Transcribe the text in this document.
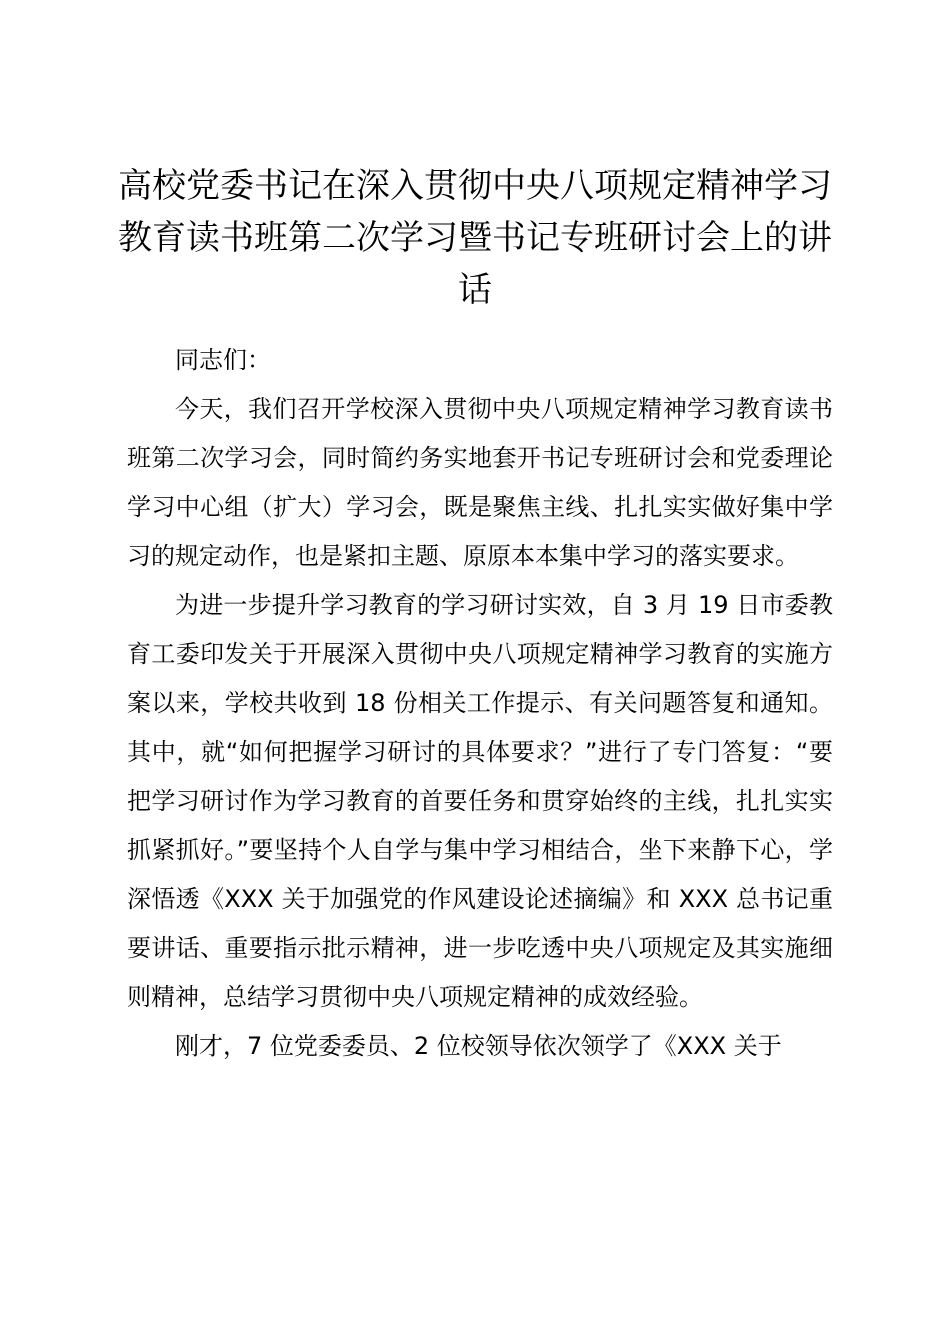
高校党委书记在深入贯彻中央八项规定精神学习教育读书班第二次学习暨书记专班研讨会上的讲话

同志们：

今天，我们召开学校深入贯彻中央八项规定精神学习教育读书班第二次学习会，同时简约务实地套开书记专班研讨会和党委理论学习中心组（扩大）学习会，既是聚焦主线、扎扎实实做好集中学习的规定动作，也是紧扣主题、原原本本集中学习的落实要求。

为进一步提升学习教育的学习研讨实效，自 3 月 19 日市委教育工委印发关于开展深入贯彻中央八项规定精神学习教育的实施方案以来，学校共收到 18 份相关工作提示、有关问题答复和通知。其中，就“如何把握学习研讨的具体要求？”进行了专门答复：“要把学习研讨作为学习教育的首要任务和贯穿始终的主线，扎扎实实抓紧抓好。”要坚持个人自学与集中学习相结合，坐下来静下心，学深悟透《XXX 关于加强党的作风建设论述摘编》和 XXX 总书记重要讲话、重要指示批示精神，进一步吃透中央八项规定及其实施细则精神，总结学习贯彻中央八项规定精神的成效经验。

刚才，7 位党委委员、2 位校领导依次领学了《XXX 关于
